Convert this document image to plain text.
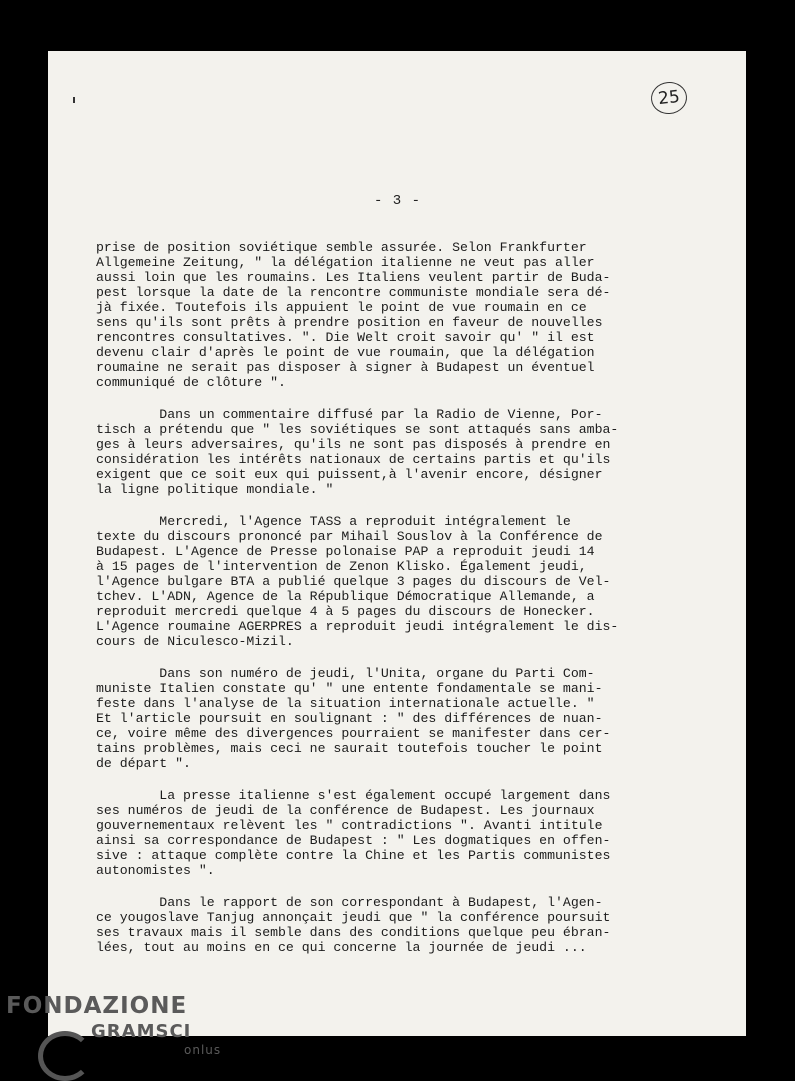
25
- 3 -
prise de position soviétique semble assurée. Selon Frankfurter
Allgemeine Zeitung, " la délégation italienne ne veut pas aller
aussi loin que les roumains. Les Italiens veulent partir de Buda-
pest lorsque la date de la rencontre communiste mondiale sera dé-
jà fixée. Toutefois ils appuient le point de vue roumain en ce
sens qu'ils sont prêts à prendre position en faveur de nouvelles
rencontres consultatives. ". Die Welt croit savoir qu' " il est
devenu clair d'après le point de vue roumain, que la délégation
roumaine ne serait pas disposer à signer à Budapest un éventuel
communiqué de clôture ".
Dans un commentaire diffusé par la Radio de Vienne, Por-
tisch a prétendu que " les soviétiques se sont attaqués sans amba-
ges à leurs adversaires, qu'ils ne sont pas disposés à prendre en
considération les intérêts nationaux de certains partis et qu'ils
exigent que ce soit eux qui puissent,à l'avenir encore, désigner
la ligne politique mondiale. "
Mercredi, l'Agence TASS a reproduit intégralement le
texte du discours prononcé par Mihail Souslov à la Conférence de
Budapest. L'Agence de Presse polonaise PAP a reproduit jeudi 14
à 15 pages de l'intervention de Zenon Klisko. Également jeudi,
l'Agence bulgare BTA a publié quelque 3 pages du discours de Vel-
tchev. L'ADN, Agence de la République Démocratique Allemande, a
reproduit mercredi quelque 4 à 5 pages du discours de Honecker.
L'Agence roumaine AGERPRES a reproduit jeudi intégralement le dis-
cours de Niculesco-Mizil.
Dans son numéro de jeudi, l'Unita, organe du Parti Com-
muniste Italien constate qu' " une entente fondamentale se mani-
feste dans l'analyse de la situation internationale actuelle. "
Et l'article poursuit en soulignant : " des différences de nuan-
ce, voire même des divergences pourraient se manifester dans cer-
tains problèmes, mais ceci ne saurait toutefois toucher le point
de départ ".
La presse italienne s'est également occupé largement dans
ses numéros de jeudi de la conférence de Budapest. Les journaux
gouvernementaux relèvent les " contradictions ". Avanti intitule
ainsi sa correspondance de Budapest : " Les dogmatiques en offen-
sive : attaque complète contre la Chine et les Partis communistes
autonomistes ".
Dans le rapport de son correspondant à Budapest, l'Agen-
ce yougoslave Tanjug annonçait jeudi que " la conférence poursuit
ses travaux mais il semble dans des conditions quelque peu ébran-
lées, tout au moins en ce qui concerne la journée de jeudi ...
FONDAZIONE
GRAMSCI
onlus
